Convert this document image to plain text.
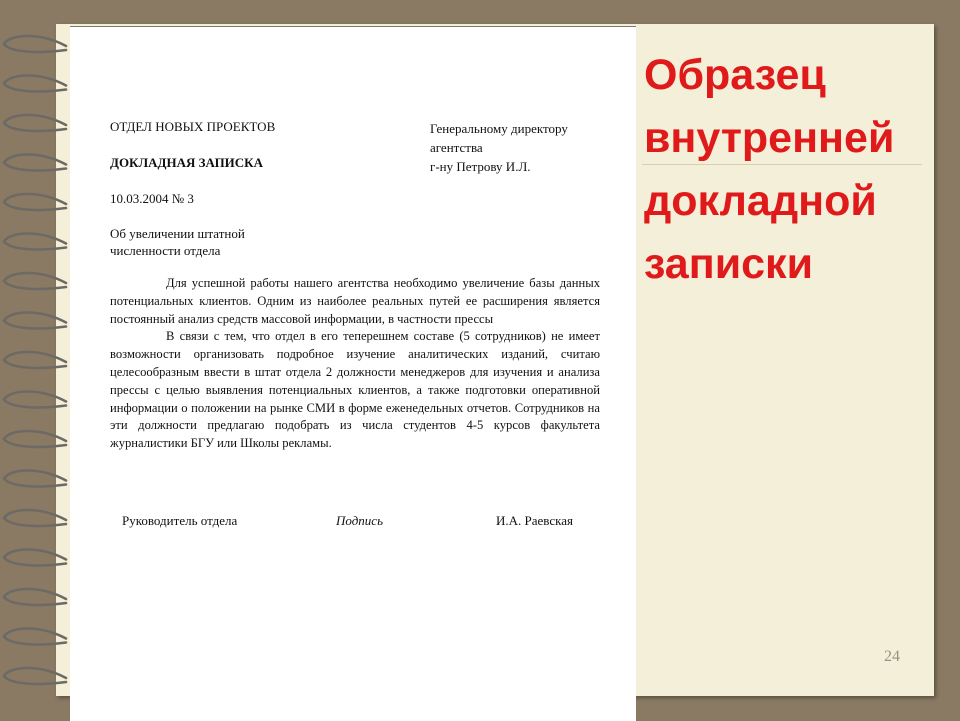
ОТДЕЛ НОВЫХ ПРОЕКТОВ
ДОКЛАДНАЯ ЗАПИСКА
10.03.2004 № 3
Генеральному директору
агентства
г-ну Петрову И.Л.
Об увеличении штатной
численности отдела

Для успешной работы нашего агентства необходимо увеличение базы данных потенциальных клиентов. Одним из наиболее реальных путей ее расширения является постоянный анализ средств массовой информации, в частности прессы

В связи с тем, что отдел в его теперешнем составе (5 сотрудников) не имеет возможности организовать подробное изучение аналитических изданий, считаю целесообразным ввести в штат отдела 2 должности менеджеров для изучения и анализа прессы с целью выявления потенциальных клиентов, а также подготовки оперативной информации о положении на рынке СМИ в форме еженедельных отчетов. Сотрудников на эти должности предлагаю подобрать из числа студентов 4-5 курсов факультета журналистики БГУ или Школы рекламы.

Руководитель отдела	Подпись	И.А. Раевская
Образец
внутренней
докладной
записки
24
